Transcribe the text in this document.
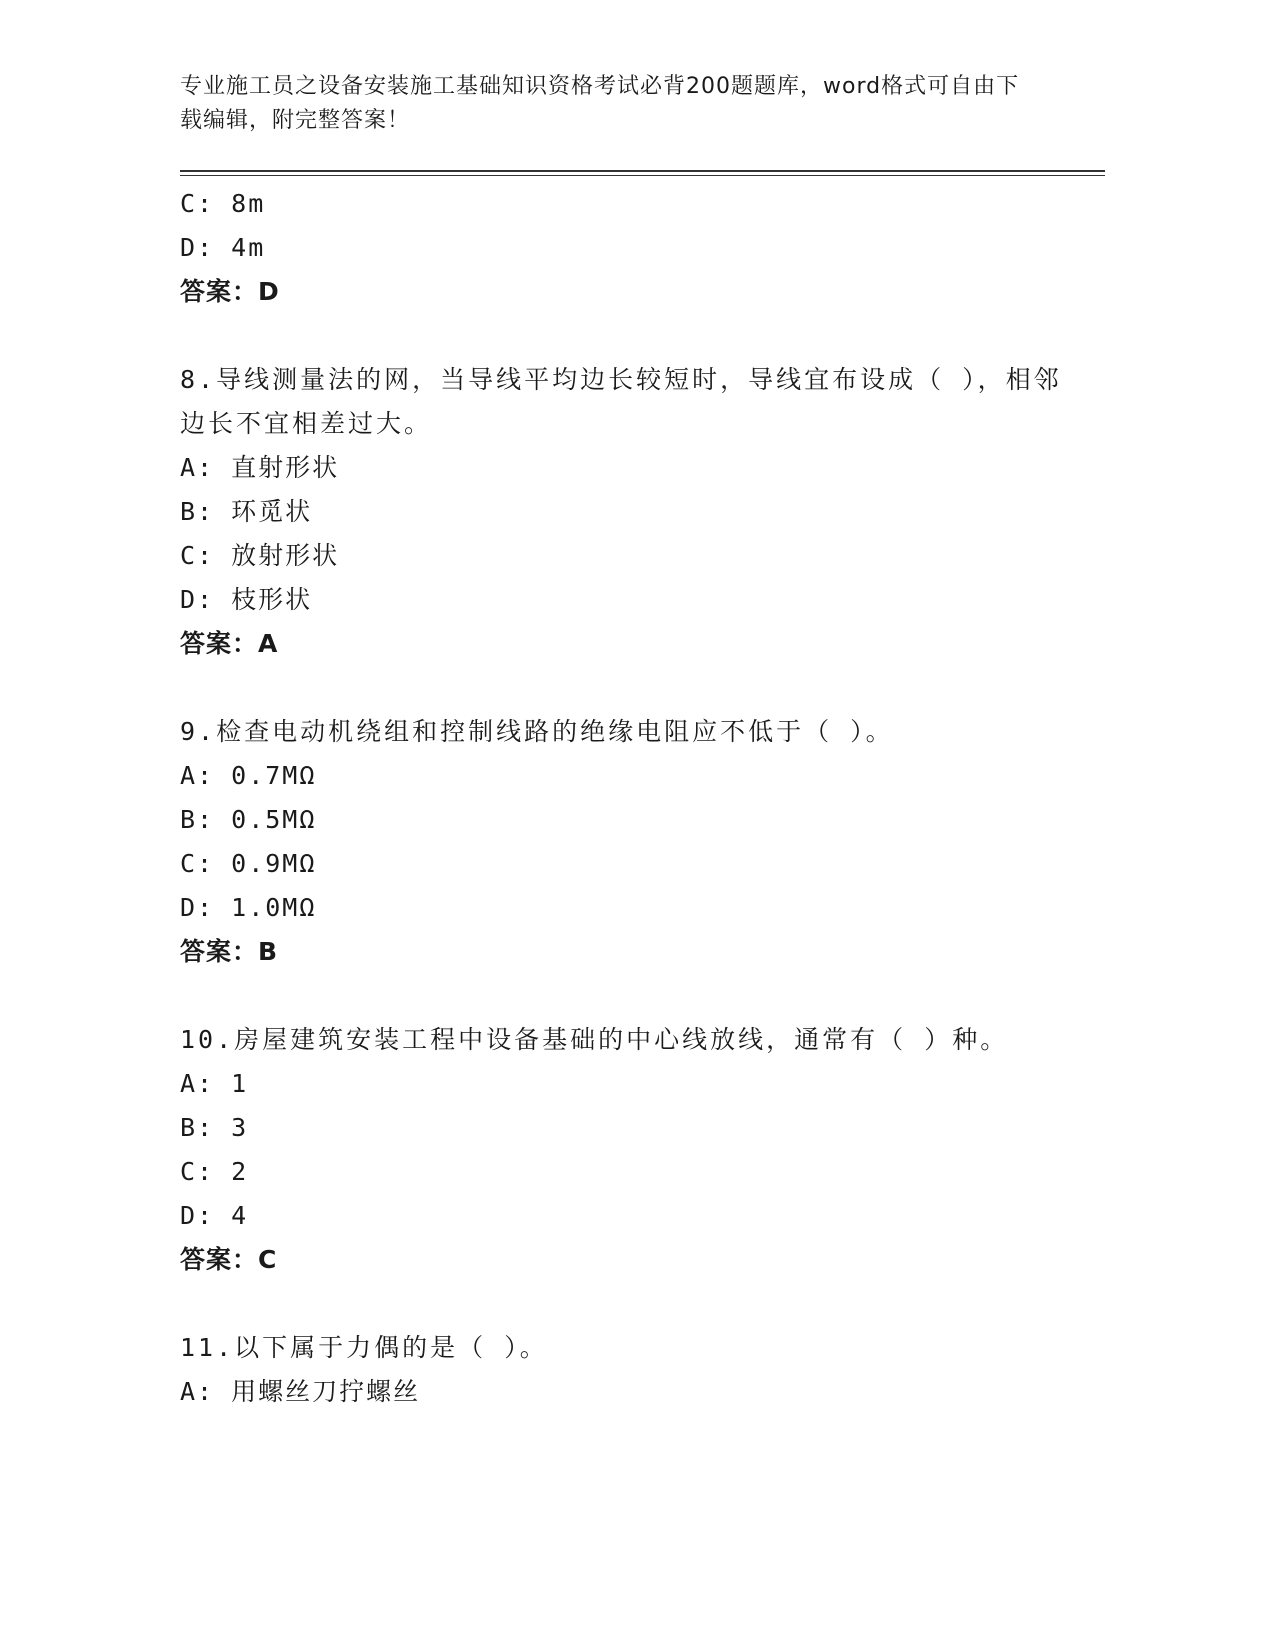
专业施工员之设备安装施工基础知识资格考试必背200题题库，word格式可自由下载编辑，附完整答案！
C: 8m
D: 4m
答案：D
8.导线测量法的网，当导线平均边长较短时，导线宜布设成（ ），相邻边长不宜相差过大。
A: 直射形状
B: 环觅状
C: 放射形状
D: 枝形状
答案：A
9.检查电动机绕组和控制线路的绝缘电阻应不低于（ ）。
A: 0.7MΩ
B: 0.5MΩ
C: 0.9MΩ
D: 1.0MΩ
答案：B
10.房屋建筑安装工程中设备基础的中心线放线，通常有（ ）种。
A: 1
B: 3
C: 2
D: 4
答案：C
11.以下属于力偶的是（ ）。
A: 用螺丝刀拧螺丝
